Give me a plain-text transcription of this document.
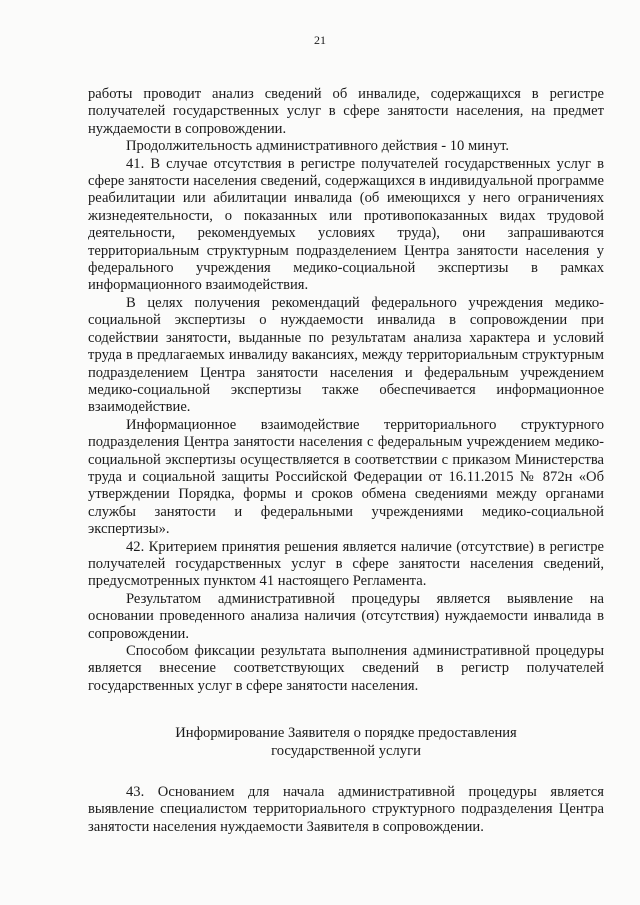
21

работы проводит анализ сведений об инвалиде, содержащихся в регистре получателей государственных услуг в сфере занятости населения, на предмет нуждаемости в сопровождении.

Продолжительность административного действия - 10 минут.

41. В случае отсутствия в регистре получателей государственных услуг в сфере занятости населения сведений, содержащихся в индивидуальной программе реабилитации или абилитации инвалида (об имеющихся у него ограничениях жизнедеятельности, о показанных или противопоказанных видах трудовой деятельности, рекомендуемых условиях труда), они запрашиваются территориальным структурным подразделением Центра занятости населения у федерального учреждения медико-социальной экспертизы в рамках информационного взаимодействия.

В целях получения рекомендаций федерального учреждения медико-социальной экспертизы о нуждаемости инвалида в сопровождении при содействии занятости, выданные по результатам анализа характера и условий труда в предлагаемых инвалиду вакансиях, между территориальным структурным подразделением Центра занятости населения и федеральным учреждением медико-социальной экспертизы также обеспечивается информационное взаимодействие.

Информационное взаимодействие территориального структурного подразделения Центра занятости населения с федеральным учреждением медико-социальной экспертизы осуществляется в соответствии с приказом Министерства труда и социальной защиты Российской Федерации от 16.11.2015 № 872н «Об утверждении Порядка, формы и сроков обмена сведениями между органами службы занятости и федеральными учреждениями медико-социальной экспертизы».

42. Критерием принятия решения является наличие (отсутствие) в регистре получателей государственных услуг в сфере занятости населения сведений, предусмотренных пунктом 41 настоящего Регламента.

Результатом административной процедуры является выявление на основании проведенного анализа наличия (отсутствия) нуждаемости инвалида в сопровождении.

Способом фиксации результата выполнения административной процедуры является внесение соответствующих сведений в регистр получателей государственных услуг в сфере занятости населения.

Информирование Заявителя о порядке предоставления
государственной услуги

43. Основанием для начала административной процедуры является выявление специалистом территориального структурного подразделения Центра занятости населения нуждаемости Заявителя в сопровождении.
